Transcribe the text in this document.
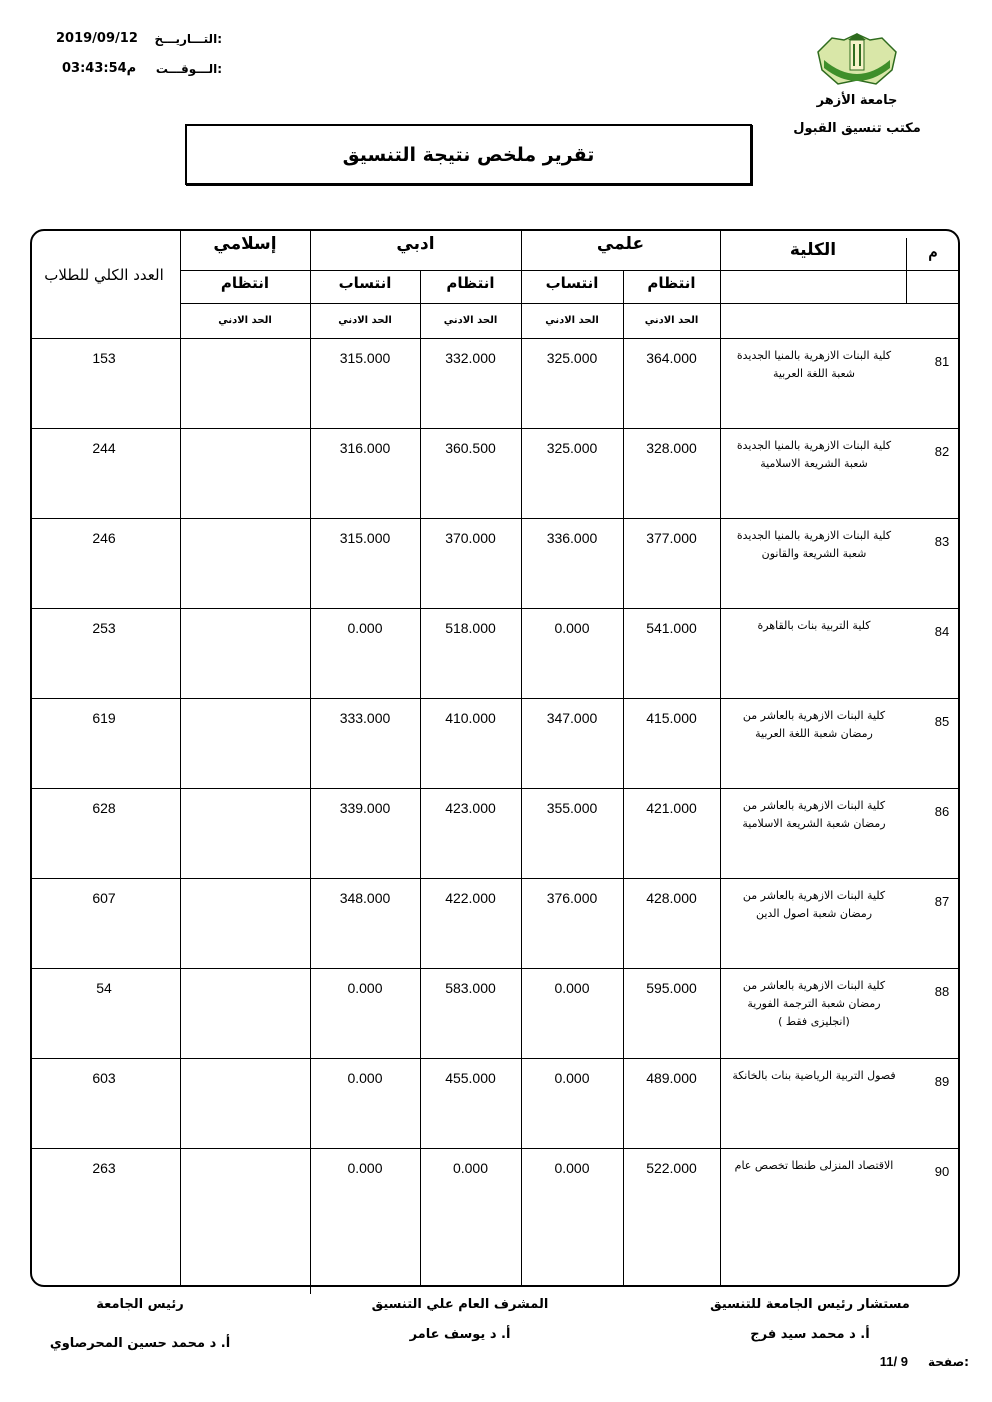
التـــاريـــخ:
2019/09/12
الـــوقـــت:
03:43:54م

جامعة الأزهر
مكتب تنسيق القبول
تقرير ملخص نتيجة التنسيق
م
الكلية
علمي
ادبي
إسلامي
انتظام
انتساب
انتظام
انتساب
انتظام
الحد الادني
الحد الادني
الحد الادني
الحد الادني
الحد الادني
العدد الكلي للطلاب
81
كلية البنات الازهرية بالمنيا الجديدة شعبة اللغة العربية
364.000
325.000
332.000
315.000
153
82
كلية البنات الازهرية بالمنيا الجديدة شعبة الشريعة الاسلامية
328.000
325.000
360.500
316.000
244
83
كلية البنات الازهرية بالمنيا الجديدة شعبة الشريعة والقانون
377.000
336.000
370.000
315.000
246
84
كلية التربية بنات بالقاهرة
541.000
0.000
518.000
0.000
253
85
كلية البنات الازهرية بالعاشر من رمضان شعبة اللغة العربية
415.000
347.000
410.000
333.000
619
86
كلية البنات الازهرية بالعاشر من رمضان شعبة الشريعة الاسلامية
421.000
355.000
423.000
339.000
628
87
كلية البنات الازهرية بالعاشر من رمضان شعبة اصول الدين
428.000
376.000
422.000
348.000
607
88
كلية البنات الازهرية بالعاشر من رمضان شعبة الترجمة الفورية (انجليزى فقط )
595.000
0.000
583.000
0.000
54
89
فصول التربية الرياضية بنات بالخانكة
489.000
0.000
455.000
0.000
603
90
الاقتصاد المنزلى طنطا تخصص عام
522.000
0.000
0.000
0.000
263
مستشار رئيس الجامعة للتنسيق
أ. د محمد سيد فرج
المشرف العام علي التنسيق
أ. د يوسف عامر
رئيس الجامعة
أ. د محمد حسين المحرصاوي
صفحة:
9 /11
